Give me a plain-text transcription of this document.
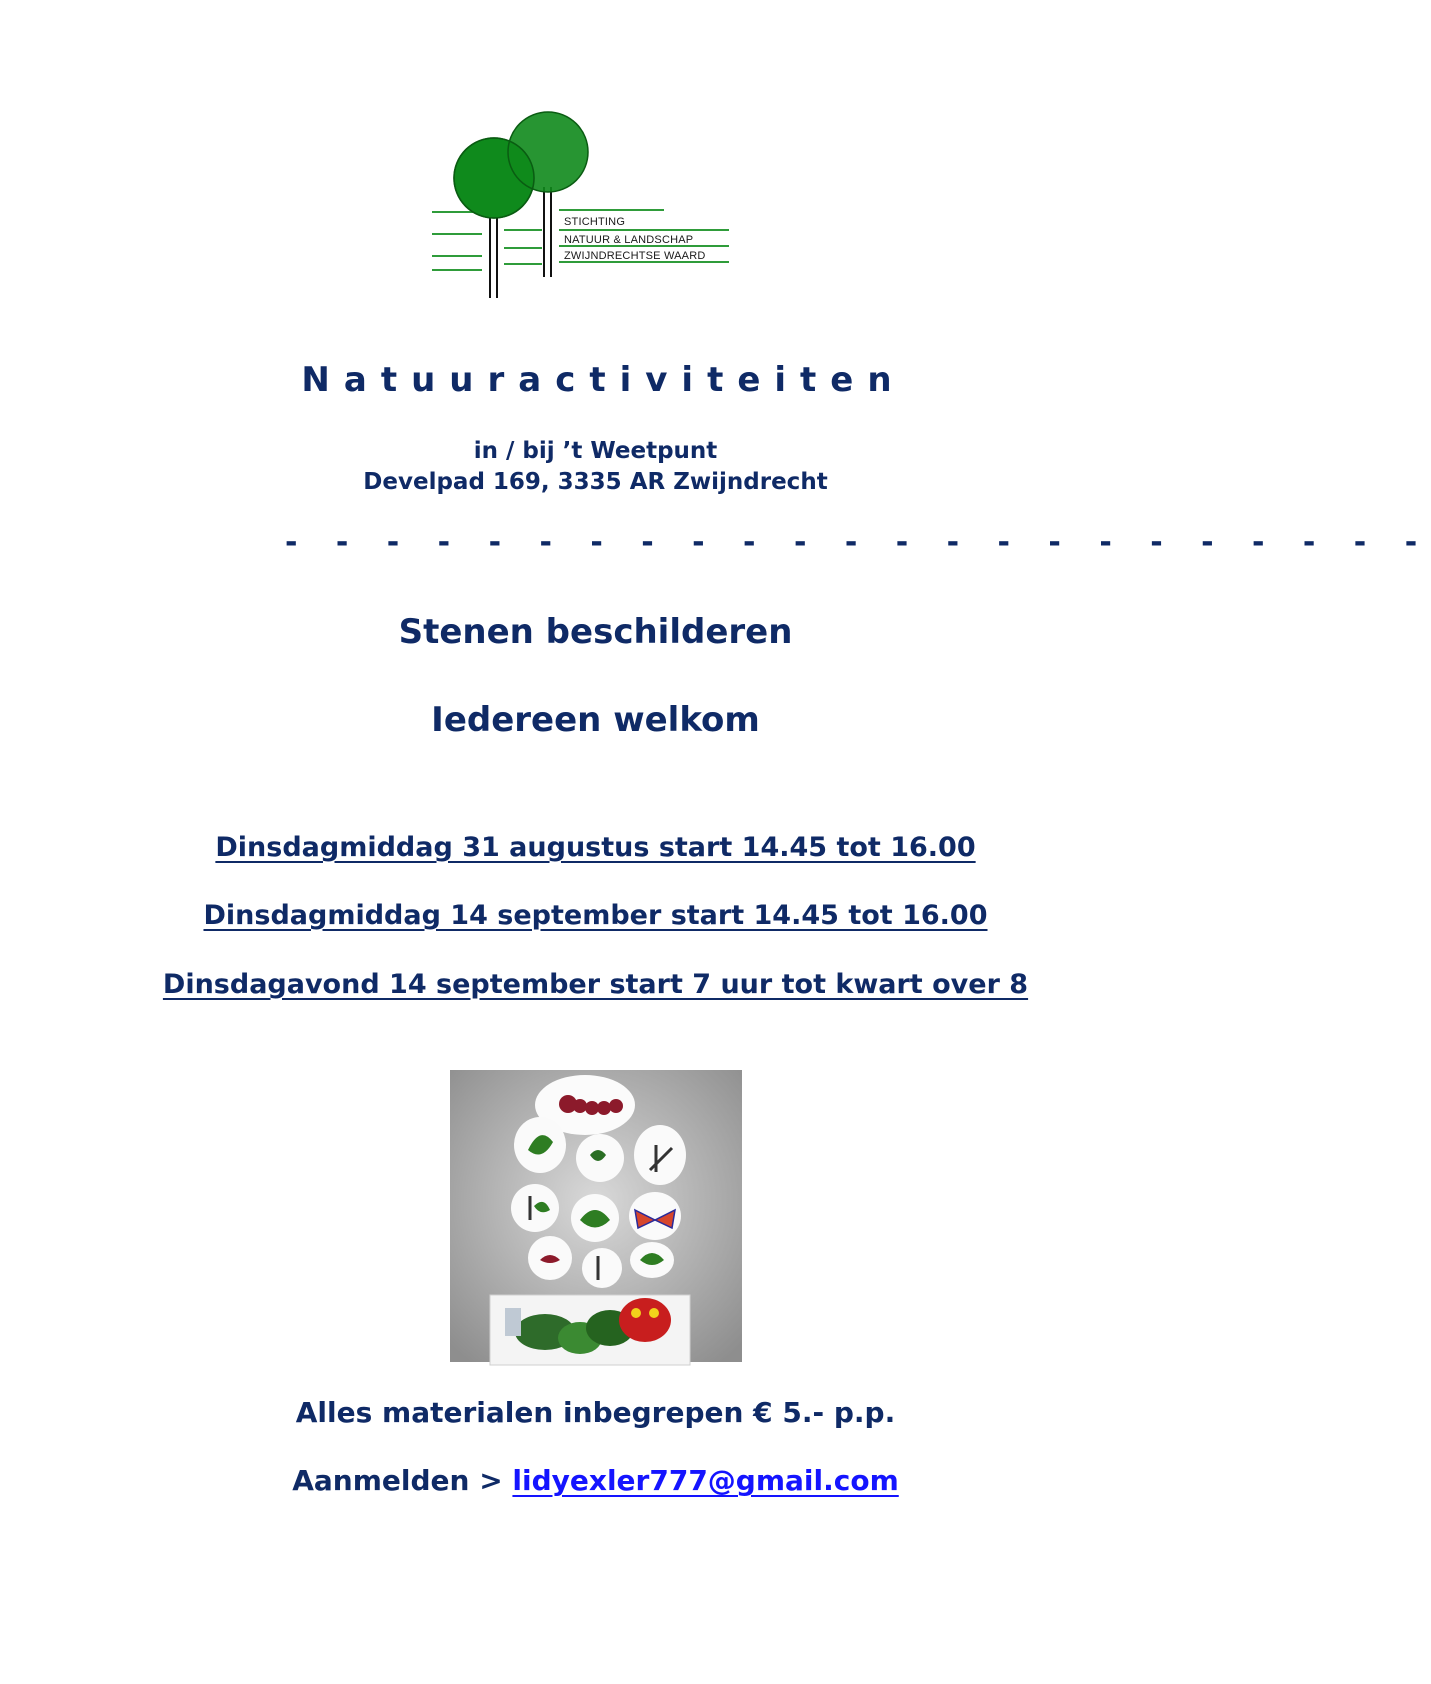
STICHTING
NATUUR & LANDSCHAP
ZWIJNDRECHTSE WAARD
Natuuractiviteiten
in / bij ’t Weetpunt
Develpad 169, 3335 AR Zwijndrecht
- - - - - - - - - - - - - - - - - - - - - - -
Stenen beschilderen
Iedereen welkom
Dinsdagmiddag 31 augustus start 14.45 tot 16.00
Dinsdagmiddag 14 september start 14.45 tot 16.00
Dinsdagavond 14 september start 7 uur tot kwart over 8
Alles materialen inbegrepen € 5.- p.p.
Aanmelden > lidyexler777@gmail.com
